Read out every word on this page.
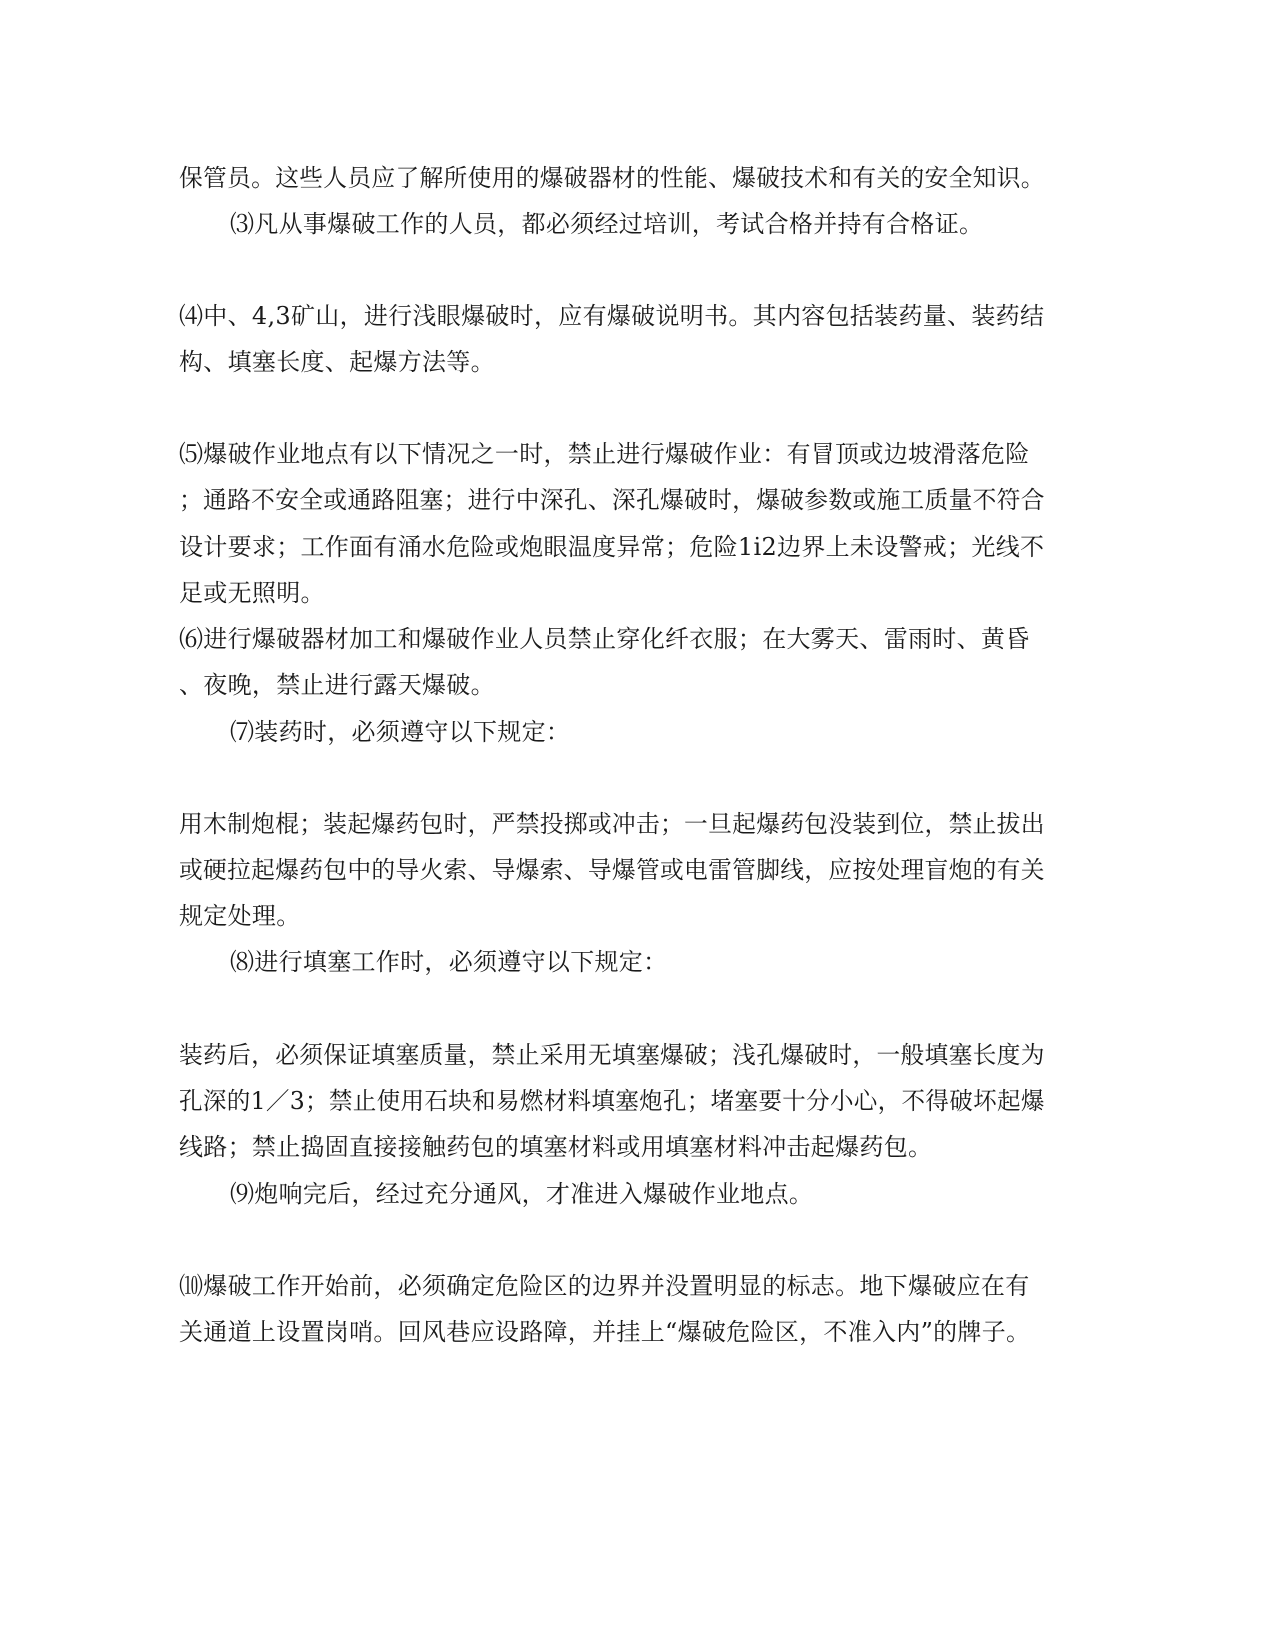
保管员。这些人员应了解所使用的爆破器材的性能、爆破技术和有关的安全知识。
⑶凡从事爆破工作的人员，都必须经过培训，考试合格并持有合格证。
⑷中、4,3矿山，进行浅眼爆破时，应有爆破说明书。其内容包括装药量、装药结
构、填塞长度、起爆方法等。
⑸爆破作业地点有以下情况之一时，禁止进行爆破作业：有冒顶或边坡滑落危险
；通路不安全或通路阻塞；进行中深孔、深孔爆破时，爆破参数或施工质量不符合
设计要求；工作面有涌水危险或炮眼温度异常；危险1i2边界上未设警戒；光线不
足或无照明。
⑹进行爆破器材加工和爆破作业人员禁止穿化纤衣服；在大雾天、雷雨时、黄昏
、夜晚，禁止进行露天爆破。
⑺装药时，必须遵守以下规定：
用木制炮棍；装起爆药包时，严禁投掷或冲击；一旦起爆药包没装到位，禁止拔出
或硬拉起爆药包中的导火索、导爆索、导爆管或电雷管脚线，应按处理盲炮的有关
规定处理。
⑻进行填塞工作时，必须遵守以下规定：
装药后，必须保证填塞质量，禁止采用无填塞爆破；浅孔爆破时，一般填塞长度为
孔深的1／3；禁止使用石块和易燃材料填塞炮孔；堵塞要十分小心，不得破坏起爆
线路；禁止捣固直接接触药包的填塞材料或用填塞材料冲击起爆药包。
⑼炮响完后，经过充分通风，才准进入爆破作业地点。
⑽爆破工作开始前，必须确定危险区的边界并没置明显的标志。地下爆破应在有
关通道上设置岗哨。回风巷应设路障，并挂上“爆破危险区，不准入内”的牌子。
